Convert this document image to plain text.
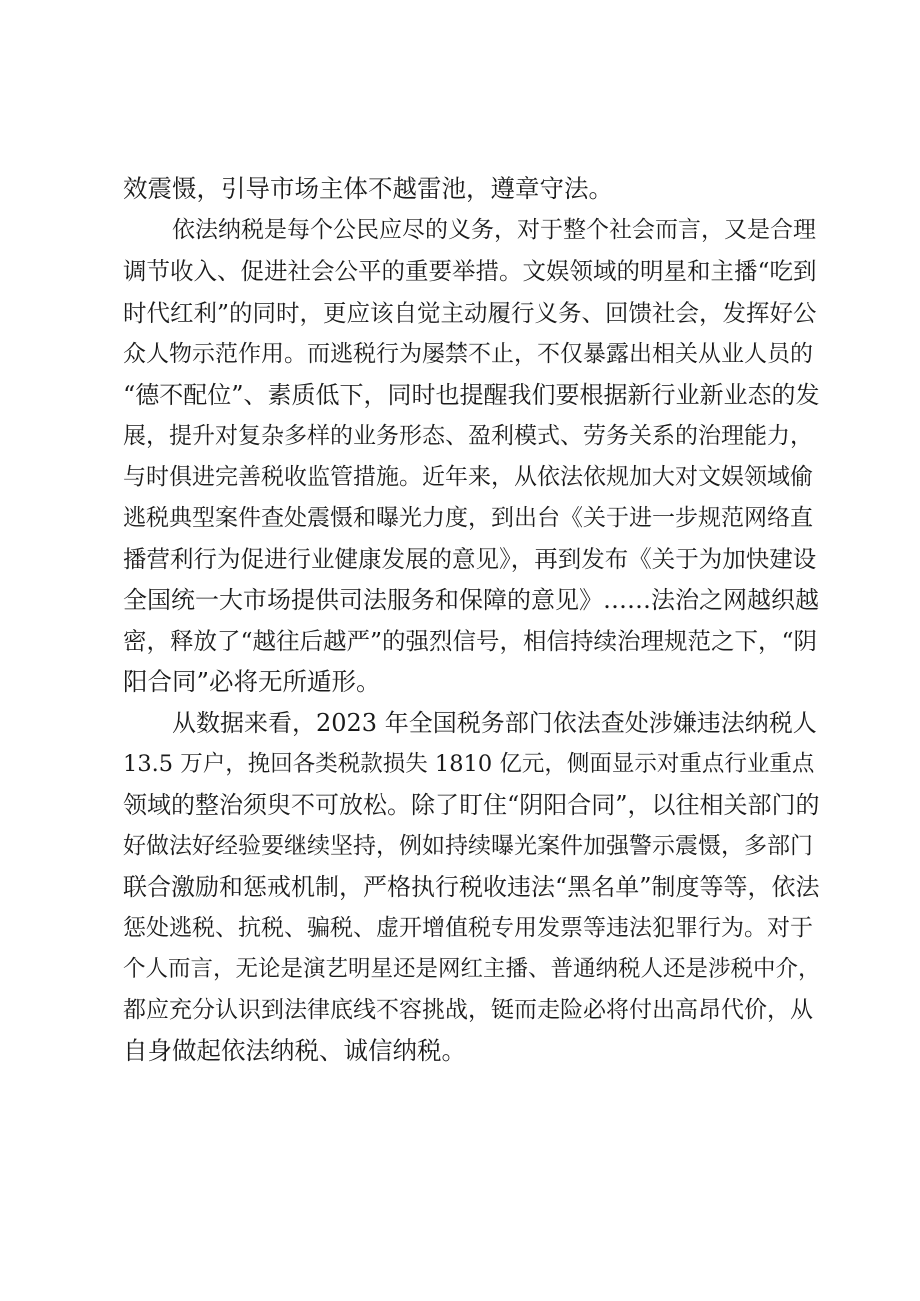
效震慑，引导市场主体不越雷池，遵章守法。
依法纳税是每个公民应尽的义务，对于整个社会而言，又是合理
调节收入、促进社会公平的重要举措。文娱领域的明星和主播“吃到
时代红利”的同时，更应该自觉主动履行义务、回馈社会，发挥好公
众人物示范作用。而逃税行为屡禁不止，不仅暴露出相关从业人员的
“德不配位”、素质低下，同时也提醒我们要根据新行业新业态的发
展，提升对复杂多样的业务形态、盈利模式、劳务关系的治理能力，
与时俱进完善税收监管措施。近年来，从依法依规加大对文娱领域偷
逃税典型案件查处震慑和曝光力度，到出台《关于进一步规范网络直
播营利行为促进行业健康发展的意见》，再到发布《关于为加快建设
全国统一大市场提供司法服务和保障的意见》……法治之网越织越
密，释放了“越往后越严”的强烈信号，相信持续治理规范之下，“阴
阳合同”必将无所遁形。
从数据来看，2023 年全国税务部门依法查处涉嫌违法纳税人
13.5 万户，挽回各类税款损失 1810 亿元，侧面显示对重点行业重点
领域的整治须臾不可放松。除了盯住“阴阳合同”，以往相关部门的
好做法好经验要继续坚持，例如持续曝光案件加强警示震慑，多部门
联合激励和惩戒机制，严格执行税收违法“黑名单”制度等等，依法
惩处逃税、抗税、骗税、虚开增值税专用发票等违法犯罪行为。对于
个人而言，无论是演艺明星还是网红主播、普通纳税人还是涉税中介，
都应充分认识到法律底线不容挑战，铤而走险必将付出高昂代价，从
自身做起依法纳税、诚信纳税。
